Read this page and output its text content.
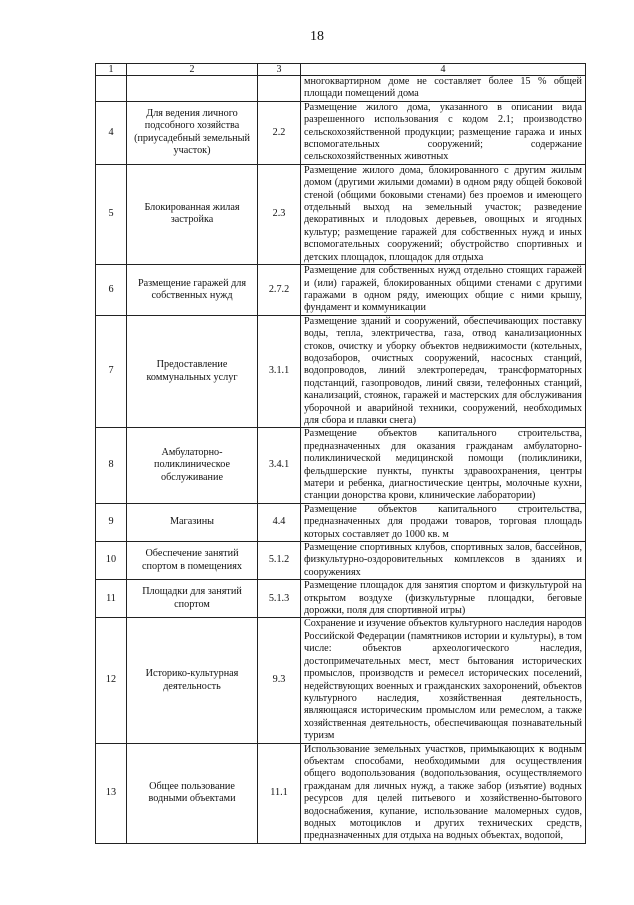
18
1	2	3	4
			многоквартирном доме не составляет более 15 % общей площади помещений дома
4	Для ведения личного подсобного хозяйства (приусадебный земельный участок)	2.2	Размещение жилого дома, указанного в описании вида разрешенного использования с кодом 2.1; производство сельскохозяйственной продукции; размещение гаража и иных вспомогательных сооружений; содержание сельскохозяйственных животных
5	Блокированная жилая застройка	2.3	Размещение жилого дома, блокированного с другим жилым домом (другими жилыми домами) в одном ряду общей боковой стеной (общими боковыми стенами) без проемов и имеющего отдельный выход на земельный участок; разведение декоративных и плодовых деревьев, овощных и ягодных культур; размещение гаражей для собственных нужд и иных вспомогательных сооружений; обустройство спортивных и детских площадок, площадок для отдыха
6	Размещение гаражей для собственных нужд	2.7.2	Размещение для собственных нужд отдельно стоящих гаражей и (или) гаражей, блокированных общими стенами с другими гаражами в одном ряду, имеющих общие с ними крышу, фундамент и коммуникации
7	Предоставление коммунальных услуг	3.1.1	Размещение зданий и сооружений, обеспечивающих поставку воды, тепла, электричества, газа, отвод канализационных стоков, очистку и уборку объектов недвижимости (котельных, водозаборов, очистных сооружений, насосных станций, водопроводов, линий электропередач, трансформаторных подстанций, газопроводов, линий связи, телефонных станций, канализаций, стоянок, гаражей и мастерских для обслуживания уборочной и аварийной техники, сооружений, необходимых для сбора и плавки снега)
8	Амбулаторно-поликлиническое обслуживание	3.4.1	Размещение объектов капитального строительства, предназначенных для оказания гражданам амбулаторно-поликлинической медицинской помощи (поликлиники, фельдшерские пункты, пункты здравоохранения, центры матери и ребенка, диагностические центры, молочные кухни, станции донорства крови, клинические лаборатории)
9	Магазины	4.4	Размещение объектов капитального строительства, предназначенных для продажи товаров, торговая площадь которых составляет до 1000 кв. м
10	Обеспечение занятий спортом в помещениях	5.1.2	Размещение спортивных клубов, спортивных залов, бассейнов, физкультурно-оздоровительных комплексов в зданиях и сооружениях
11	Площадки для занятий спортом	5.1.3	Размещение площадок для занятия спортом и физкультурой на открытом воздухе (физкультурные площадки, беговые дорожки, поля для спортивной игры)
12	Историко-культурная деятельность	9.3	Сохранение и изучение объектов культурного наследия народов Российской Федерации (памятников истории и культуры), в том числе: объектов археологического наследия, достопримечательных мест, мест бытования исторических промыслов, производств и ремесел исторических поселений, недействующих военных и гражданских захоронений, объектов культурного наследия, хозяйственная деятельность, являющаяся историческим промыслом или ремеслом, а также хозяйственная деятельность, обеспечивающая познавательный туризм
13	Общее пользование водными объектами	11.1	Использование земельных участков, примыкающих к водным объектам способами, необходимыми для осуществления общего водопользования (водопользования, осуществляемого гражданам для личных нужд, а также забор (изъятие) водных ресурсов для целей питьевого и хозяйственно-бытового водоснабжения, купание, использование маломерных судов, водных мотоциклов и других технических средств, предназначенных для отдыха на водных объектах, водопой,
